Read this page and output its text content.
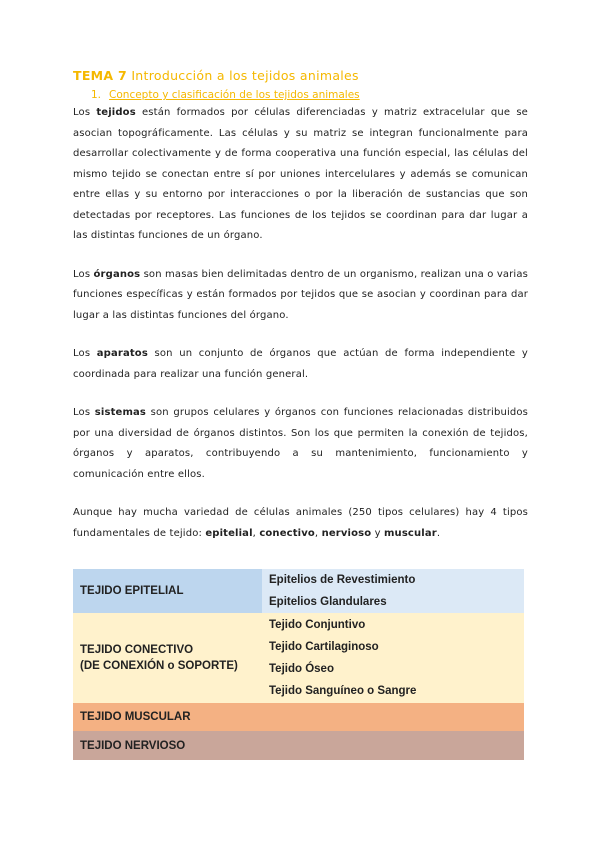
TEMA 7 Introducción a los tejidos animales
1. Concepto y clasificación de los tejidos animales

Los tejidos están formados por células diferenciadas y matriz extracelular que se asocian topográficamente. Las células y su matriz se integran funcionalmente para desarrollar colectivamente y de forma cooperativa una función especial, las células del mismo tejido se conectan entre sí por uniones intercelulares y además se comunican entre ellas y su entorno por interacciones o por la liberación de sustancias que son detectadas por receptores. Las funciones de los tejidos se coordinan para dar lugar a las distintas funciones de un órgano.

Los órganos son masas bien delimitadas dentro de un organismo, realizan una o varias funciones específicas y están formados por tejidos que se asocian y coordinan para dar lugar a las distintas funciones del órgano.

Los aparatos son un conjunto de órganos que actúan de forma independiente y coordinada para realizar una función general.

Los sistemas son grupos celulares y órganos con funciones relacionadas distribuidos por una diversidad de órganos distintos. Son los que permiten la conexión de tejidos, órganos y aparatos, contribuyendo a su mantenimiento, funcionamiento y comunicación entre ellos.

Aunque hay mucha variedad de células animales (250 tipos celulares) hay 4 tipos fundamentales de tejido: epitelial, conectivo, nervioso y muscular.

TEJIDO EPITELIAL	Epitelios de Revestimiento
Epitelios Glandulares

TEJIDO CONECTIVO
(DE CONEXIÓN o SOPORTE)	Tejido Conjuntivo
Tejido Cartilaginoso
Tejido Óseo
Tejido Sanguíneo o Sangre

TEJIDO MUSCULAR	
TEJIDO NERVIOSO	
